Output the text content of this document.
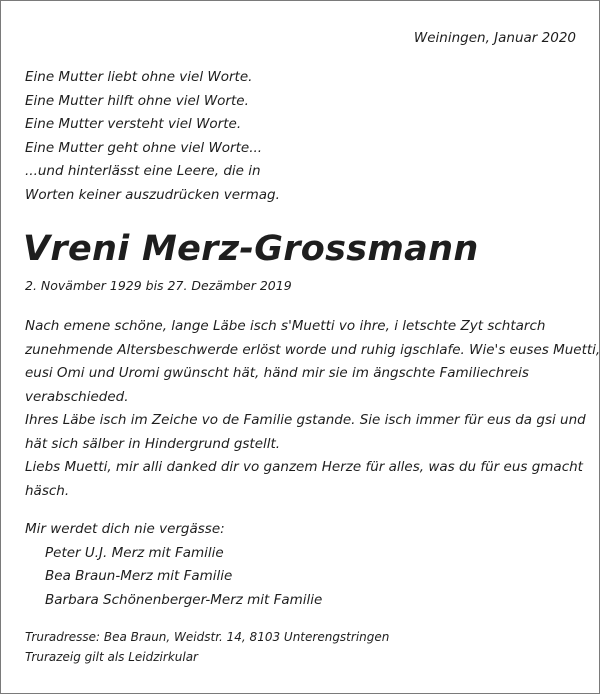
Weiningen, Januar 2020

Eine Mutter liebt ohne viel Worte.
Eine Mutter hilft ohne viel Worte.
Eine Mutter versteht viel Worte.
Eine Mutter geht ohne viel Worte...
...und hinterlässt eine Leere, die in
Worten keiner auszudrücken vermag.
Vreni Merz-Grossmann

2. Novämber 1929 bis 27. Dezämber 2019

Nach emene schöne, lange Läbe isch s'Muetti vo ihre, i letschte Zyt schtarch
zunehmende Altersbeschwerde erlöst worde und ruhig igschlafe. Wie's euses Muetti,
eusi Omi und Uromi gwünscht hät, händ mir sie im ängschte Familiechreis
verabschieded.
Ihres Läbe isch im Zeiche vo de Familie gstande. Sie isch immer für eus da gsi und
hät sich sälber in Hindergrund gstellt.
Liebs Muetti, mir alli danked dir vo ganzem Herze für alles, was du für eus gmacht
häsch.
Mir werdet dich nie vergässe:
Peter U.J. Merz mit Familie
Bea Braun-Merz mit Familie
Barbara Schönenberger-Merz mit Familie
Truradresse: Bea Braun, Weidstr. 14, 8103 Unterengstringen
Trurazeig gilt als Leidzirkular
